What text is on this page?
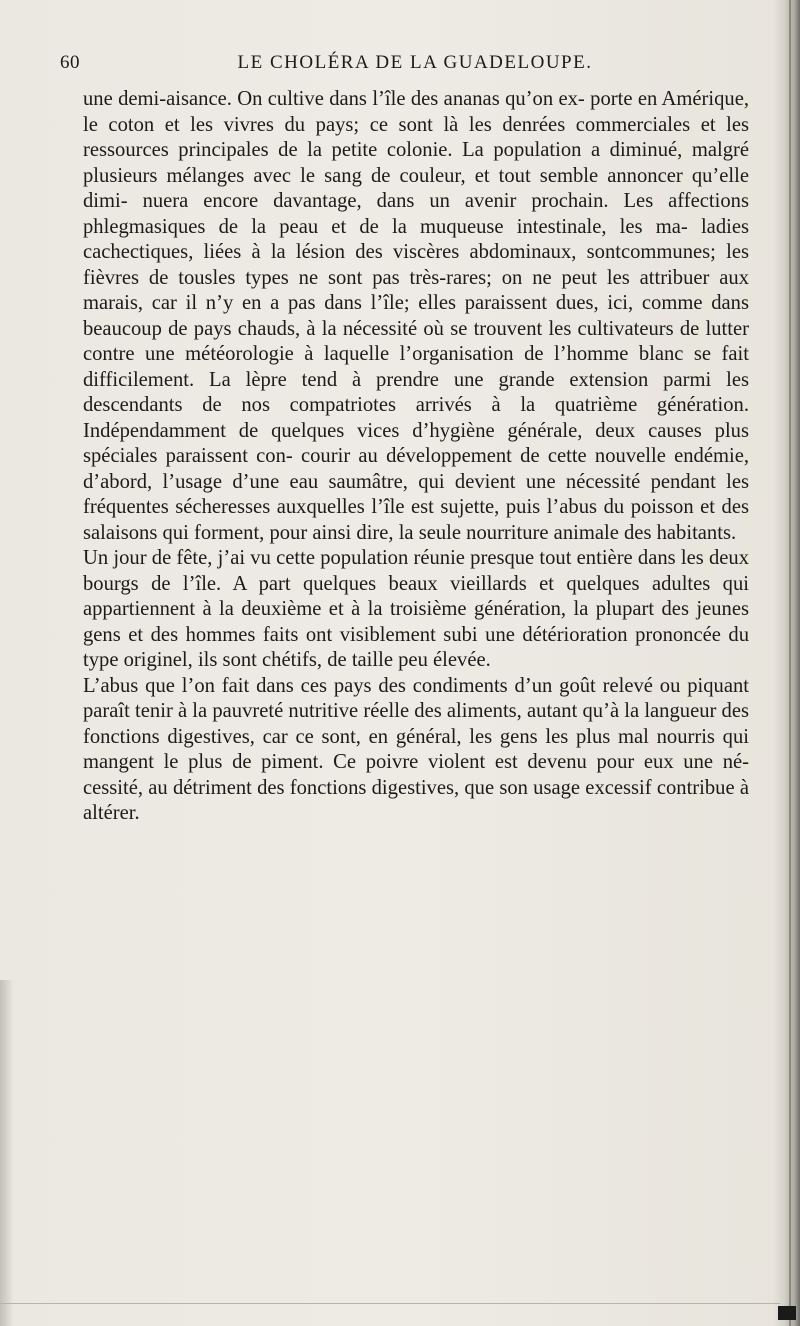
60	LE CHOLÉRA DE LA GUADELOUPE.

une demi-aisance. On cultive dans l’île des ananas qu’on ex- porte en Amérique, le coton et les vivres du pays; ce sont là les denrées commerciales et les ressources principales de la petite colonie. La population a diminué, malgré plusieurs mélanges avec le sang de couleur, et tout semble annoncer qu’elle dimi- nuera encore davantage, dans un avenir prochain. Les affections phlegmasiques de la peau et de la muqueuse intestinale, les ma- ladies cachectiques, liées à la lésion des viscères abdominaux, sontcommunes; les fièvres de tousles types ne sont pas très-rares; on ne peut les attribuer aux marais, car il n’y en a pas dans l’île; elles paraissent dues, ici, comme dans beaucoup de pays chauds, à la nécessité où se trouvent les cultivateurs de lutter contre une météorologie à laquelle l’organisation de l’homme blanc se fait difficilement. La lèpre tend à prendre une grande extension parmi les descendants de nos compatriotes arrivés à la quatrième génération. Indépendamment de quelques vices d’hygiène générale, deux causes plus spéciales paraissent con- courir au développement de cette nouvelle endémie, d’abord, l’usage d’une eau saumâtre, qui devient une nécessité pendant les fréquentes sécheresses auxquelles l’île est sujette, puis l’abus du poisson et des salaisons qui forment, pour ainsi dire, la seule nourriture animale des habitants.

Un jour de fête, j’ai vu cette population réunie presque tout entière dans les deux bourgs de l’île. A part quelques beaux vieillards et quelques adultes qui appartiennent à la deuxième et à la troisième génération, la plupart des jeunes gens et des hommes faits ont visiblement subi une détérioration prononcée du type originel, ils sont chétifs, de taille peu élevée.

L’abus que l’on fait dans ces pays des condiments d’un goût relevé ou piquant paraît tenir à la pauvreté nutritive réelle des aliments, autant qu’à la langueur des fonctions digestives, car ce sont, en général, les gens les plus mal nourris qui mangent le plus de piment. Ce poivre violent est devenu pour eux une né- cessité, au détriment des fonctions digestives, que son usage excessif contribue à altérer.
